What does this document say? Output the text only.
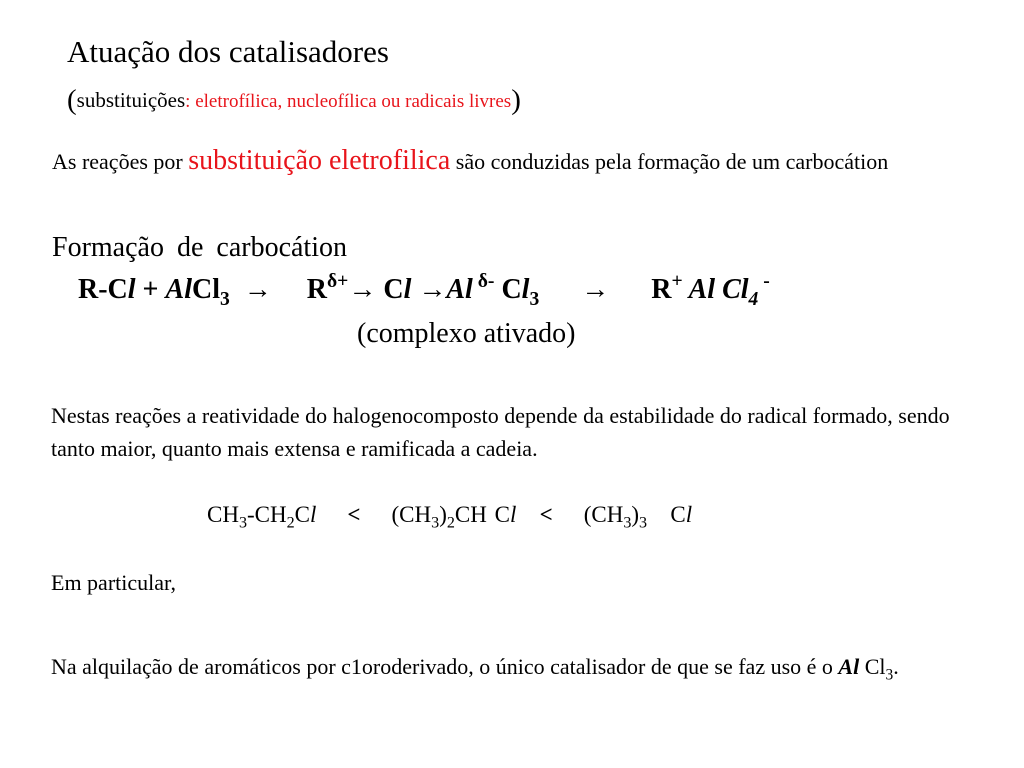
Atuação dos catalisadores
(substituições: eletrofílica, nucleofílica ou radicais livres)
As reações por substituição eletrofilica são conduzidas pela formação de um carbocátion
Formação de carbocátion
R-Cl + AlCl$_3$ → $R^{\delta+}\to Cl \to Al$ $^{\delta-}$ $Cl_3 \to R^+$ Al $Cl_4$ -
(complexo ativado)
Nestas reações a reatividade do halogenocomposto depende da estabilidade do radical formado, sendo tanto maior, quanto mais extensa e ramificada a cadeia.
$CH_3-CH_2Cl < (CH_3)_2CH$ $Cl < (CH_3)_3$ Cl
Em particular,
Na alquilação de aromáticos por c1oroderivado, o único catalisador de que se faz uso é o Al $Cl_3$.
